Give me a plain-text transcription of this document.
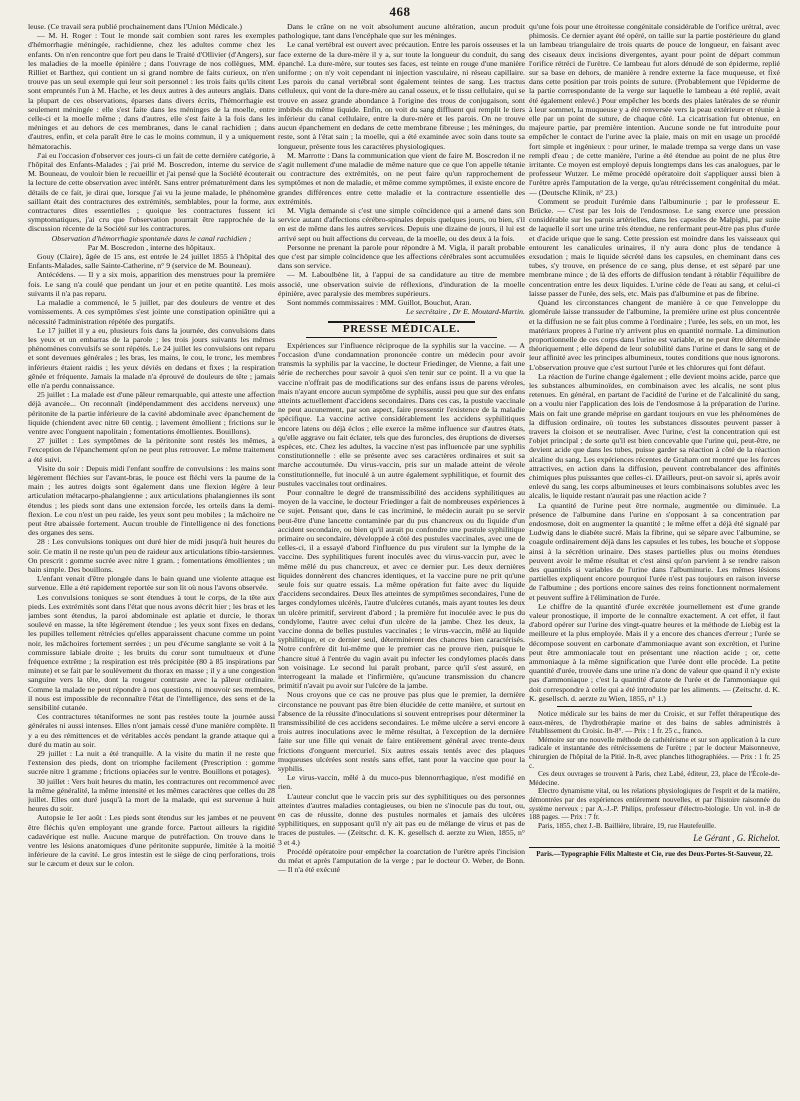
468

leuse. (Ce travail sera publié prochainement dans l'Union Médicale.)

— M. H. Roger : Tout le monde sait combien sont rares les exemples d'hémorrhagie méningée, rachidienne, chez les adultes comme chez les enfants. On n'en rencontre que fort peu dans le Traité d'Ollivier (d'Angers), sur les maladies de la moelle épinière ; dans l'ouvrage de nos collègues, MM. Rilliet et Barthez, qui contient un si grand nombre de faits curieux, on n'en trouve pas un seul exemple qui leur soit personnel : les trois faits qu'ils citent sont empruntés l'un à M. Hache, et les deux autres à des auteurs anglais. Dans la plupart de ces observations, éparses dans divers écrits, l'hémorrhagie est seulement méningée : elle s'est faite dans les méninges de la moelle, entre celle-ci et la moelle même ; dans d'autres, elle s'est faite à la fois dans les méninges et au dehors de ces membranes, dans le canal rachidien ; dans d'autres, enfin, et cela paraît être le cas le moins commun, il y a uniquement hématorachis.

J'ai eu l'occasion d'observer ces jours-ci un fait de cette dernière catégorie, à l'hôpital des Enfants-Malades ; j'ai prié M. Boscredon, interne du service de M. Bouneau, de vouloir bien le recueillir et j'ai pensé que la Société écouterait la lecture de cette observation avec intérêt. Sans entrer prématurément dans les détails de ce fait, je dirai que, lorsque j'ai vu la jeune malade, le phénomène saillant était des contractures des extrémités, semblables, pour la forme, aux contractures dites essentielles ; quoique les contractures fussent ici symptomatiques, j'ai cru que l'observation pourrait être rapprochée de la discussion récente de la Société sur les contractures.

Observation d'hémorrhagie spontanée dans le canal rachidien ;

Par M. Boscredon , interne des hôpitaux.

Gouy (Claire), âgée de 15 ans, est entrée le 24 juillet 1855 à l'hôpital des Enfants-Malades, salle Sainte-Catherine, n° 9 (service de M. Bouneau).

Antécédens. — Il y a six mois, apparition des menstrues pour la première fois. Le sang n'a coulé que pendant un jour et en petite quantité. Les mois suivants il n'a pas reparu.

La maladie a commencé, le 5 juillet, par des douleurs de ventre et des vomissements. A ces symptômes s'est jointe une constipation opiniâtre qui a nécessité l'administration répétée des purgatifs.

Le 17 juillet il y a eu, plusieurs fois dans la journée, des convulsions dans les yeux et un embarras de la parole ; les trois jours suivants les mêmes phénomènes convulsifs se sont répétés. Le 24 juillet les convulsions ont reparu et sont devenues générales ; les bras, les mains, le cou, le tronc, les membres inférieurs étaient raidis ; les yeux déviés en dedans et fixes ; la respiration gênée et fréquente. Jamais la malade n'a éprouvé de douleurs de tête ; jamais elle n'a perdu connaissance.

25 juillet : La malade est d'une pâleur remarquable, qui atteste une affection déjà avancée... On reconnaît (indépendamment des accidens nerveux) une péritonite de la partie inférieure de la cavité abdominale avec épanchement de liquide (chiendent avec nitre 60 centig. ; lavement émollient ; frictions sur le ventre avec l'onguent napolitain ; fomentations émollientes. Bouillons).

27 juillet : Les symptômes de la péritonite sont restés les mêmes, à l'exception de l'épanchement qu'on ne peut plus retrouver. Le même traitement a été suivi.

Visite du soir : Depuis midi l'enfant souffre de convulsions : les mains sont légèrement fléchies sur l'avant-bras, le pouce est fléchi vers la paume de la main ; les autres doigts sont également dans une flexion légère à leur articulation métacarpo-phalangienne ; aux articulations phalangiennes ils sont étendus ; les pieds sont dans une extension forcée, les orteils dans la demi-flexion. Le cou n'est un peu raide, les yeux sont peu mobiles ; la mâchoire ne peut être abaissée fortement. Aucun trouble de l'intelligence ni des fonctions des organes des sens.

28 : Les convulsions toniques ont duré hier de midi jusqu'à huit heures du soir. Ce matin il ne reste qu'un peu de raideur aux articulations tibio-tarsiennes. On prescrit : gomme sucrée avec nitre 1 gram. ; fomentations émollientes ; un bain simple. Des bouillons.

L'enfant venait d'être plongée dans le bain quand une violente attaque est survenue. Elle a été rapidement reportée sur son lit où nous l'avons observée.

Les convulsions toniques se sont étendues à tout le corps, de la tête aux pieds. Les extrémités sont dans l'état que nous avons décrit hier ; les bras et les jambes sont étendus, la paroi abdominale est aplatie et durcie, le thorax soulevé en masse, la tête légèrement étendue ; les yeux sont fixes en dedans, les pupilles tellement rétrécies qu'elles apparaissent chacune comme un point noir, les mâchoires fortement serrées ; un peu d'écume sanglante se voit à la commissure labiale droite ; les bruits du cœur sont tumultueux et d'une fréquence extrême ; la respiration est très précipitée (80 à 85 inspirations par minute) et se fait par le soulèvement du thorax en masse ; il y a une congestion sanguine vers la tête, dont la rougeur contraste avec la pâleur ordinaire. Comme la malade ne peut répondre à nos questions, ni mouvoir ses membres, il nous est impossible de reconnaître l'état de l'intelligence, des sens et de la sensibilité cutanée.

Ces contractures tétaniformes ne sont pas restées toute la journée aussi générales ni aussi intenses. Elles n'ont jamais cessé d'une manière complète. Il y a eu des rémittences et de véritables accès pendant la grande attaque qui a duré du matin au soir.

29 juillet : La nuit a été tranquille. A la visite du matin il ne reste que l'extension des pieds, dont on triomphe facilement (Prescription : gomme sucrée nitre 1 gramme ; frictions opiacées sur le ventre. Bouillons et potages).

30 juillet : Vers huit heures du matin, les contractures ont recommencé avec la même généralité, la même intensité et les mêmes caractères que celles du 28 juillet. Elles ont duré jusqu'à la mort de la malade, qui est survenue à huit heures du soir.

Autopsie le 1er août : Les pieds sont étendus sur les jambes et ne peuvent être fléchis qu'en employant une grande force. Partout ailleurs la rigidité cadavérique est nulle. Aucune marque de putréfaction. On trouve dans le ventre les lésions anatomiques d'une péritonite suppurée, limitée à la moitié inférieure de la cavité. Le gros intestin est le siège de cinq perforations, trois sur le cæcum et deux sur le colon.

Dans le crâne on ne voit absolument aucune altération, aucun produit pathologique, tant dans l'encéphale que sur les méninges.

Le canal vertébral est ouvert avec précaution. Entre les parois osseuses et la face externe de la dure-mère il y a, sur toute la longueur du conduit, du sang épanché. La dure-mère, sur toutes ses faces, est teinte en rouge d'une manière uniforme ; on n'y voit cependant ni injection vasculaire, ni réseau capillaire. Les parois du canal vertébral sont également teintes de sang. Les tractus celluleux, qui vont de la dure-mère au canal osseux, et le tissu cellulaire, qui se trouve en assez grande abondance à l'origine des trous de conjugaison, sont imbibés du même liquide. Enfin, on voit du sang diffluent qui remplit le tiers inférieur du canal cellulaire, entre la dure-mère et les parois. On ne trouve aucun épanchement en dedans de cette membrane fibreuse ; les méninges, du reste, sont à l'état sain ; la moelle, qui a été examinée avec soin dans toute sa longueur, présente tous les caractères physiologiques.

M. Marrotte : Dans la communication que vient de faire M. Boscredon il ne s'agit nullement d'une maladie de même nature que ce que l'on appelle tétanie ou contracture des extrémités, on ne peut faire qu'un rapprochement de symptômes et non de maladie, et même comme symptômes, il existe encore de grandes différences entre cette maladie et la contracture essentielle des extrémités.

M. Vigla demande si c'est une simple coïncidence qui a amené dans son service autant d'affections cérébro-spinales depuis quelques jours, ou bien, s'il en est de même dans les autres services. Depuis une dizaine de jours, il lui est arrivé sept ou huit affections du cerveau, de la moelle, ou des deux à la fois.

Personne ne prenant la parole pour répondre à M. Vigla, il paraît probable que c'est par simple coïncidence que les affections cérébrales sont accumulées dans son service.

— M. Laboulbène lit, à l'appui de sa candidature au titre de membre associé, une observation suivie de réflexions, d'induration de la moelle épinière, avec paralysie des membres supérieurs.

Sont nommés commissaires : MM. Guillot, Bouchut, Aran.

Le secrétaire , Dr E. Moutard-Martin.

PRESSE MÉDICALE.

Expériences sur l'influence réciproque de la syphilis sur la vaccine. — A l'occasion d'une condamnation prononcée contre un médecin pour avoir transmis la syphilis par la vaccine, le docteur Friedinger, de Vienne, a fait une série de recherches pour savoir à quoi s'en tenir sur ce point. Il a vu que la vaccine n'offrait pas de modifications sur des enfans issus de parens véroles, mais n'ayant encore aucun symptôme de syphilis, aussi peu que sur des enfans atteints actuellement d'accidens secondaires. Dans ces cas, la pustule vaccinale ne peut aucunement, par son aspect, faire pressentir l'existence de la maladie spécifique. La vaccine active considérablement les accidens syphilitiques encore latens ou déjà éclos ; elle exerce la même influence sur d'autres états, qu'elle aggrave ou fait éclater, tels que des furoncles, des éruptions de diverses espèces, etc. Chez les adultes, la vaccine n'est pas influencée par une syphilis constitutionnelle : elle se présente avec ses caractères ordinaires et suit sa marche accoutumée. Du virus-vaccin, pris sur un malade atteint de vérole constitutionnelle, fut inoculé à un autre également syphilitique, et fournit des pustules vaccinales tout ordinaires.

Pour connaître le degré de transmissibilité des accidens syphilitiques au moyen de la vaccine, le docteur Friedinger a fait de nombreuses expériences à ce sujet. Pensant que, dans le cas incriminé, le médecin aurait pu se servir peut-être d'une lancette contaminée par du pus chancreux ou du liquide d'un accident secondaire, ou bien qu'il aurait pu confondre une pustule syphilitique primaire ou secondaire, développée à côté des pustules vaccinales, avec une de celles-ci, il a essayé d'abord l'influence du pus virulent sur la lymphe de la vaccine. Des syphilitiques furent inoculés avec du virus-vaccin pur, avec le même mêlé du pus chancreux, et avec ce dernier pur. Les deux dernières liquides donnèrent des chancres identiques, et la vaccine pure ne prit qu'une seule fois sur quatre essais. La même opération fut faite avec du liquide d'accidens secondaires. Deux îles atteintes de symptômes secondaires, l'une de larges condylomes ulcérés, l'autre d'ulcères cutanés, mais ayant toutes les deux un ulcère primitif, servirent d'abord ; la première fut inoculée avec le pus du condylome, l'autre avec celui d'un ulcère de la jambe. Chez les deux, la vaccine donna de belles pustules vaccinales ; le virus-vaccin, mêlé au liquide syphilitique, et ce dernier seul, déterminèrent des chancres bien caractérisés. Notre confrère dit lui-même que le premier cas ne prouve rien, puisque le chancre situé à l'entrée du vagin avait pu infecter les condylomes placés dans son voisinage. Le second lui paraît probant, parce qu'il s'est assuré, en interrogeant la malade et l'infirmière, qu'aucune transmission du chancre primitif n'avait pu avoir sur l'ulcère de la jambe.

Nous croyons que ce cas ne prouve pas plus que le premier, la dernière circonstance ne pouvant pas être bien élucidée de cette manière, et surtout en l'absence de la réussite d'inoculations si souvent entreprises pour déterminer la transmissibilité de ces accidens secondaires. Le même ulcère a servi encore à trois autres inoculations avec le même résultat, à l'exception de la dernière faite sur une fille qui venait de faire entièrement général avec trente-deux frictions d'onguent mercuriel. Six autres essais tentés avec des plaques muqueuses ulcérées sont restés sans effet, tant pour la vaccine que pour la syphilis.

Le virus-vaccin, mêlé à du muco-pus blennorrhagique, n'est modifié en rien.

L'auteur conclut que le vaccin pris sur des syphilitiques ou des personnes atteintes d'autres maladies contagieuses, ou bien ne s'inocule pas du tout, ou, en cas de réussite, donne des pustules normales et jamais des ulcères syphilitiques, en supposant qu'il n'y ait pas eu de mélange de virus et pas de traces de pustules. — (Zeitschr. d. K. K. gesellsch d. aerzte zu Wien, 1855, n° 3 et 4.)

Procédé opératoire pour empêcher la coarctation de l'urètre après l'incision du méat et après l'amputation de la verge ; par le docteur O. Weber, de Bonn. — Il n'a été exécuté

qu'une fois pour une étroitesse congénitale considérable de l'orifice urétral, avec phimosis. Ce dernier ayant été opéré, on taille sur la partie postérieure du gland un lambeau triangulaire de trois quarts de pouce de longueur, en faisant avec des ciseaux deux incisions divergentes, ayant pour point de départ commun l'orifice rétréci de l'urètre. Ce lambeau fut alors dénudé de son épiderme, replié sur sa base en dehors, de manière à rendre externe la face muqueuse, et fixé dans cette position par trois points de suture. (Probablement que l'épiderme de la partie correspondante de la verge sur laquelle le lambeau a été replié, avait été également enlevé.) Pour empêcher les bords des plaies latérales de se réunir à leur sommet, la muqueuse y a été renversée vers la peau extérieure et réunie à elle par un point de suture, de chaque côté. La cicatrisation fut obtenue, en majeure partie, par première intention. Aucune sonde ne fut introduite pour empêcher le contact de l'urine avec la plaie, mais on mit en usage un procédé fort simple et ingénieux : pour uriner, le malade trempa sa verge dans un vase rempli d'eau ; de cette manière, l'urine a été étendue au point de ne plus être irritante. Ce moyen est employé depuis longtemps dans les cas analogues, par le professeur Wutzer. Le même procédé opératoire doit s'appliquer aussi bien à l'urètre après l'amputation de la verge, qu'au rétrécissement congénital du méat. — (Deutsche Klinik, n° 23.)

Comment se produit l'urémie dans l'albuminurie ; par le professeur E. Brücke. — C'est par les lois de l'endosmose. Le sang exerce une pression considérable sur les parois artérielles, dans les capsules de Malpighi, par suite de laquelle il sort une urine très étendue, ne renfermant peut-être pas plus d'urée et d'acide urique que le sang. Cette pression est moindre dans les vaisseaux qui entourent les canalicules urinaires, il n'y aura donc plus de tendance à exsudation ; mais le liquide sécrété dans les capsules, en cheminant dans ces tubes, s'y trouve, en présence de ce sang, plus dense, et est séparé par une membrane mince ; de là des efforts de diffusion tendant à rétablir l'équilibre de concentration entre les deux liquides. L'urine cède de l'eau au sang, et celui-ci laisse passer de l'urée, des sels, etc. Mais pas d'albumine et pas de fibrine.

Quand les circonstances changent de manière à ce que l'enveloppe du glomérule laisse transsuder de l'albumine, la première urine est plus concentrée et la diffusion ne se fait plus comme à l'ordinaire ; l'urée, les sels, en un mot, les matériaux propres à l'urine n'y arrivent plus en quantité normale. La diminution proportionnelle de ces corps dans l'urine est variable, et ne peut être déterminée théoriquement ; elle dépend de leur solubilité dans l'urine et dans le sang et de leur affinité avec les principes albumineux, toutes conditions que nous ignorons. L'observation prouve que c'est surtout l'urée et les chlorures qui font défaut.

La réaction de l'urine change également ; elle devient moins acide, parce que les substances albuminoïdes, en combinaison avec les alcalis, ne sont plus retenues. En général, en partant de l'acidité de l'urine et de l'alcalinité du sang, on a voulu nier l'application des lois de l'endosmose à la préparation de l'urine. Mais on fait une grande méprise en gardant toujours en vue les phénomènes de la diffusion ordinaire, où toutes les substances dissoutes peuvent passer à travers la cloison et se neutraliser. Avec l'urine, c'est la concentration qui est l'objet principal ; de sorte qu'il est bien concevable que l'urine qui, peut-être, ne devient acide que dans les tubes, puisse garder sa réaction à côté de la réaction alcaline du sang. Les expériences récentes de Graham ont montré que les forces attractives, en action dans la diffusion, peuvent contrebalancer des affinités chimiques plus puissantes que celles-ci. D'ailleurs, peut-on savoir si, après avoir enlevé du sang, les corps albumineuses et leurs combinaisons solubles avec les alcalis, le liquide restant n'aurait pas une réaction acide ?

La quantité de l'urine peut être normale, augmentée ou diminuée. La présence de l'albumine dans l'urine en s'opposant à sa concentration par endosmose, doit en augmenter la quantité ; le même effet a déjà été signalé par Ludwig dans le diabète sucré. Mais la fibrine, qui se sépare avec l'albumine, se coagule ordinairement déjà dans les capsules et les tubes, les bouche et s'oppose ainsi à la sécrétion urinaire. Des stases partielles plus ou moins étendues peuvent avoir le même résultat et c'est ainsi qu'on parvient à se rendre raison des quantités si variables de l'urine dans l'albuminurie. Les mêmes lésions partielles expliquent encore pourquoi l'urée n'est pas toujours en raison inverse de l'albumine ; des portions encore saines des reins fonctionnent normalement et peuvent suffire à l'élimination de l'urée.

Le chiffre de la quantité d'urée excrétée journellement est d'une grande valeur pronostique, il importe de le connaître exactement. A cet effet, il faut d'abord opérer sur l'urine des vingt-quatre heures et la méthode de Liebig est la meilleure et la plus employée. Mais il y a encore des chances d'erreur ; l'urée se décompose souvent en carbonate d'ammoniaque avant son excrétion, et l'urine peut être ammoniacale tout en présentant une réaction acide ; or, cette ammoniaque à la même signification que l'urée dont elle procède. La petite quantité d'urée, trouvée dans une urine n'a donc de valeur que quand il n'y existe pas d'ammoniaque ; c'est la quantité d'azote de l'urée et de l'ammoniaque qui doit correspondre à celle qui a été introduite par les aliments. — (Zeitschr. d. K. K. gesellsch. d. aerzte zu Wien, 1855, n° 1.)

Notice médicale sur les bains de mer du Croisic, et sur l'effet thérapeutique des eaux-mères, de l'hydrothérapie marine et des bains de sables administrés à l'établissement du Croisic. In-8°. — Prix : 1 fr. 25 c., franco.

Mémoire sur une nouvelle méthode de cathétérisme et sur son application à la cure radicale et instantanée des rétrécissemens de l'urètre ; par le docteur Maisonneuve, chirurgien de l'hôpital de la Pitié. In-8, avec planches lithographiées. — Prix : 1 fr. 25 c.

Ces deux ouvrages se trouvent à Paris, chez Labé, éditeur, 23, place de l'École-de-Médecine.

Electro dynamisme vital, ou les relations physiologiques de l'esprit et de la matière, démontrées par des expériences entièrement nouvelles, et par l'histoire raisonnée du système nerveux ; par A.-J.-P. Philips, professeur d'électro-biologie. Un vol. in-8 de 188 pages. — Prix : 7 fr.

Paris, 1855, chez J.-B. Baillière, libraire, 19, rue Hautefeuille.

Le Gérant , G. Richelot.
Paris.—Typographie Félix Malteste et Cie, rue des Deux-Portes-St-Sauveur, 22.
